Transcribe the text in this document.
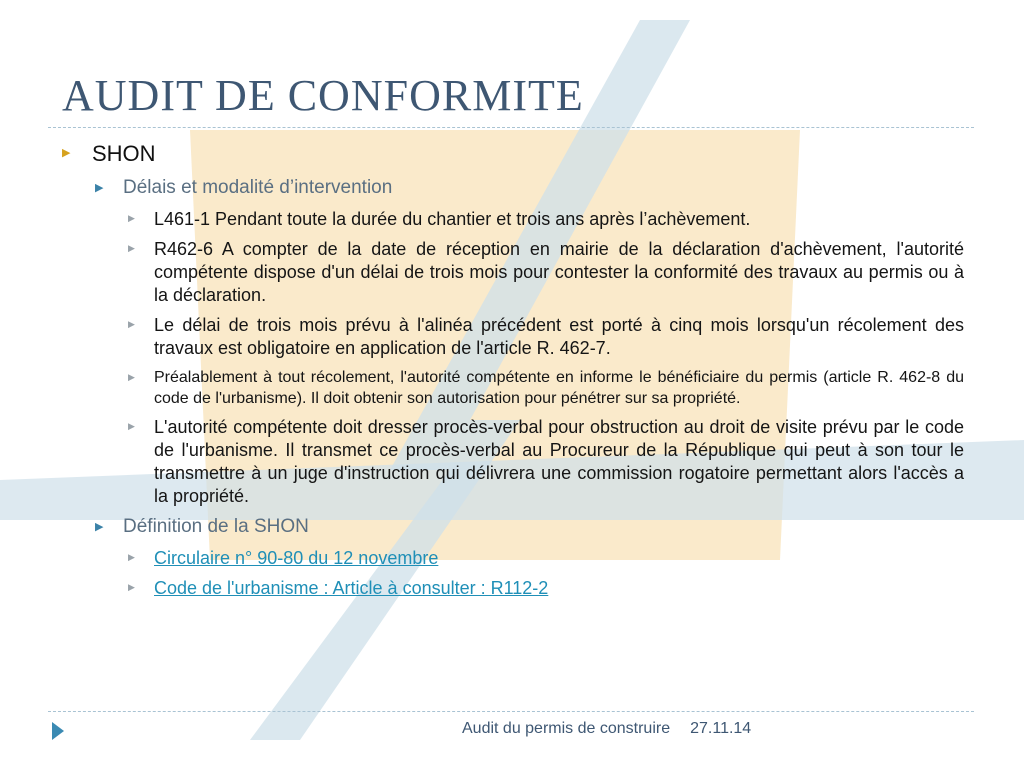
AUDIT DE CONFORMITE
▶ SHON
▶ Délais et modalité d’intervention
▶ L461-1 Pendant toute la durée du chantier et trois ans après l’achèvement.
▶ R462-6 A compter de la date de réception en mairie de la déclaration d'achèvement, l'autorité compétente dispose d'un délai de trois mois pour contester la conformité des travaux au permis ou à la déclaration.
▶ Le délai de trois mois prévu à l'alinéa précédent est porté à cinq mois lorsqu'un récolement des travaux est obligatoire en application de l'article R. 462-7.
▶ Préalablement à tout récolement, l'autorité compétente en informe le bénéficiaire du permis (article R. 462-8 du code de l'urbanisme). Il doit obtenir son autorisation pour pénétrer sur sa propriété.
▶ L'autorité compétente doit dresser procès-verbal pour obstruction au droit de visite prévu par le code de l'urbanisme. Il transmet ce procès-verbal au Procureur de la République qui peut à son tour le transmettre à un juge d'instruction qui délivrera une commission rogatoire permettant alors l'accès a la propriété.
▶ Définition de la SHON
▶ Circulaire n° 90-80 du 12 novembre
▶ Code de l'urbanisme : Article à consulter : R112-2
Audit du permis de construire 27.11.14
